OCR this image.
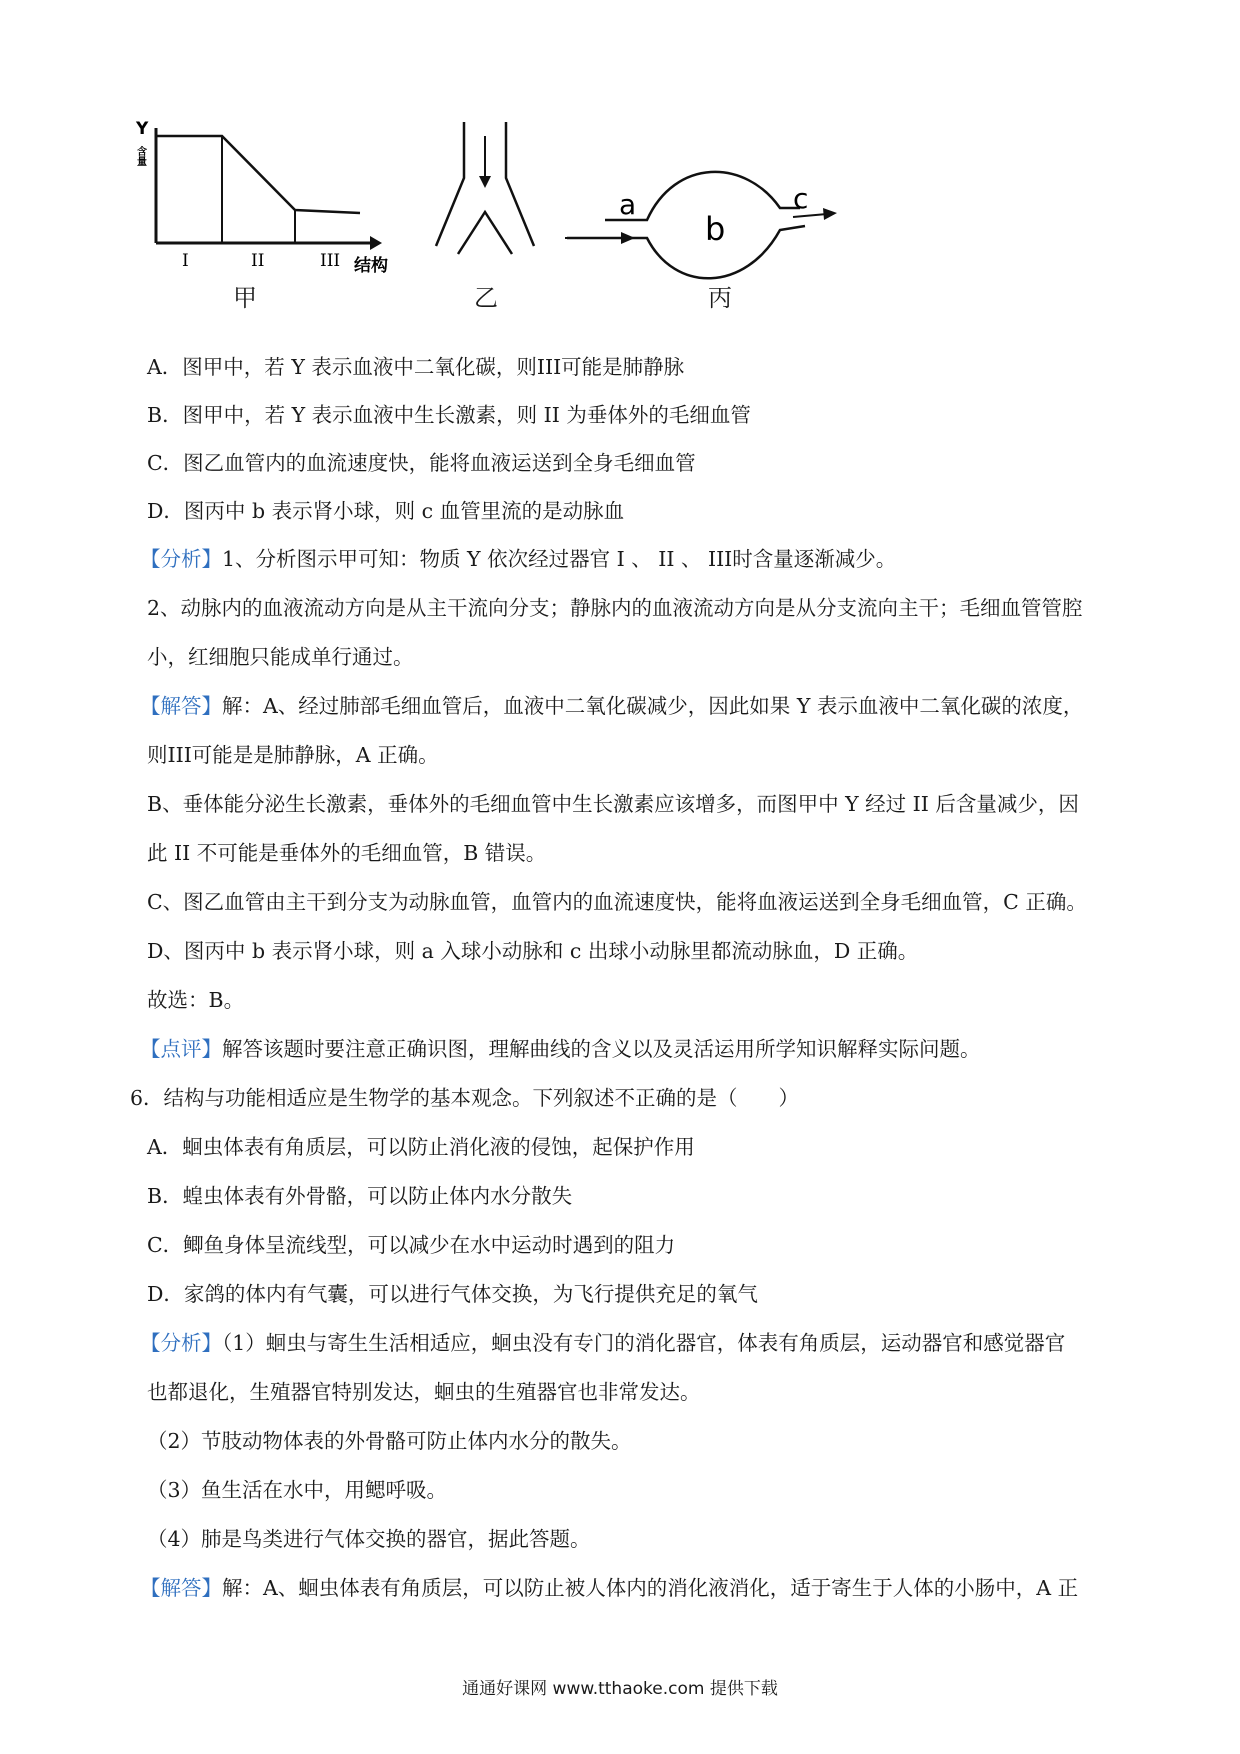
Y
含量
I	II	III 结构
甲	乙
a
b
c
丙
A．图甲中，若 Y 表示血液中二氧化碳，则III可能是肺静脉
B．图甲中，若 Y 表示血液中生长激素，则 II 为垂体外的毛细血管
C．图乙血管内的血流速度快，能将血液运送到全身毛细血管
D．图丙中 b 表示肾小球，则 c 血管里流的是动脉血
【分析】1、分析图示甲可知：物质 Y 依次经过器官 I 、 II 、 III时含量逐渐减少。
2、动脉内的血液流动方向是从主干流向分支；静脉内的血液流动方向是从分支流向主干；毛细血管管腔
小，红细胞只能成单行通过。
【解答】解：A、经过肺部毛细血管后，血液中二氧化碳减少，因此如果 Y 表示血液中二氧化碳的浓度，
则III可能是是肺静脉，A 正确。
B、垂体能分泌生长激素，垂体外的毛细血管中生长激素应该增多，而图甲中 Y 经过 II 后含量减少，因
此 II 不可能是垂体外的毛细血管，B 错误。
C、图乙血管由主干到分支为动脉血管，血管内的血流速度快，能将血液运送到全身毛细血管，C 正确。
D、图丙中 b 表示肾小球，则 a 入球小动脉和 c 出球小动脉里都流动脉血，D 正确。
故选：B。
【点评】解答该题时要注意正确识图，理解曲线的含义以及灵活运用所学知识解释实际问题。
6．结构与功能相适应是生物学的基本观念。下列叙述不正确的是（　　）
A．蛔虫体表有角质层，可以防止消化液的侵蚀，起保护作用
B．蝗虫体表有外骨骼，可以防止体内水分散失
C．鲫鱼身体呈流线型，可以减少在水中运动时遇到的阻力
D．家鸽的体内有气囊，可以进行气体交换，为飞行提供充足的氧气
【分析】（1）蛔虫与寄生生活相适应，蛔虫没有专门的消化器官，体表有角质层，运动器官和感觉器官
也都退化，生殖器官特别发达，蛔虫的生殖器官也非常发达。
（2）节肢动物体表的外骨骼可防止体内水分的散失。
（3）鱼生活在水中，用鳃呼吸。
（4）肺是鸟类进行气体交换的器官，据此答题。
【解答】解：A、蛔虫体表有角质层，可以防止被人体内的消化液消化，适于寄生于人体的小肠中，A 正
通通好课网 www.tthaoke.com 提供下载
